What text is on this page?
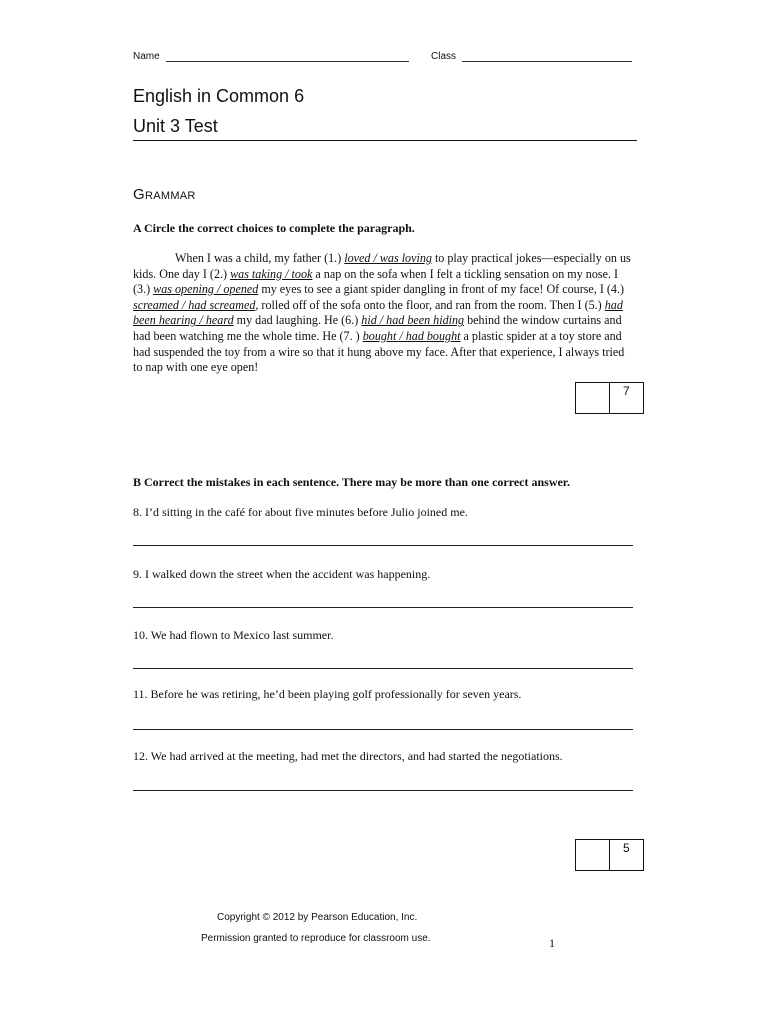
Name	Class
English in Common 6
Unit 3 Test
GRAMMAR
A Circle the correct choices to complete the paragraph.
When I was a child, my father (1.) loved / was loving to play practical jokes—especially on us kids. One day I (2.) was taking / took a nap on the sofa when I felt a tickling sensation on my nose. I (3.) was opening / opened my eyes to see a giant spider dangling in front of my face! Of course, I (4.) screamed / had screamed, rolled off of the sofa onto the floor, and ran from the room. Then I (5.) had been hearing / heard my dad laughing. He (6.) hid / had been hiding behind the window curtains and had been watching me the whole time. He (7. ) bought / had bought a plastic spider at a toy store and had suspended the toy from a wire so that it hung above my face. After that experience, I always tried to nap with one eye open!
7
B Correct the mistakes in each sentence. There may be more than one correct answer.
8. I’d sitting in the café for about five minutes before Julio joined me.
9. I walked down the street when the accident was happening.
10. We had flown to Mexico last summer.
11. Before he was retiring, he’d been playing golf professionally for seven years.
12. We had arrived at the meeting, had met the directors, and had started the negotiations.
5
Copyright © 2012 by Pearson Education, Inc.
Permission granted to reproduce for classroom use.	1
